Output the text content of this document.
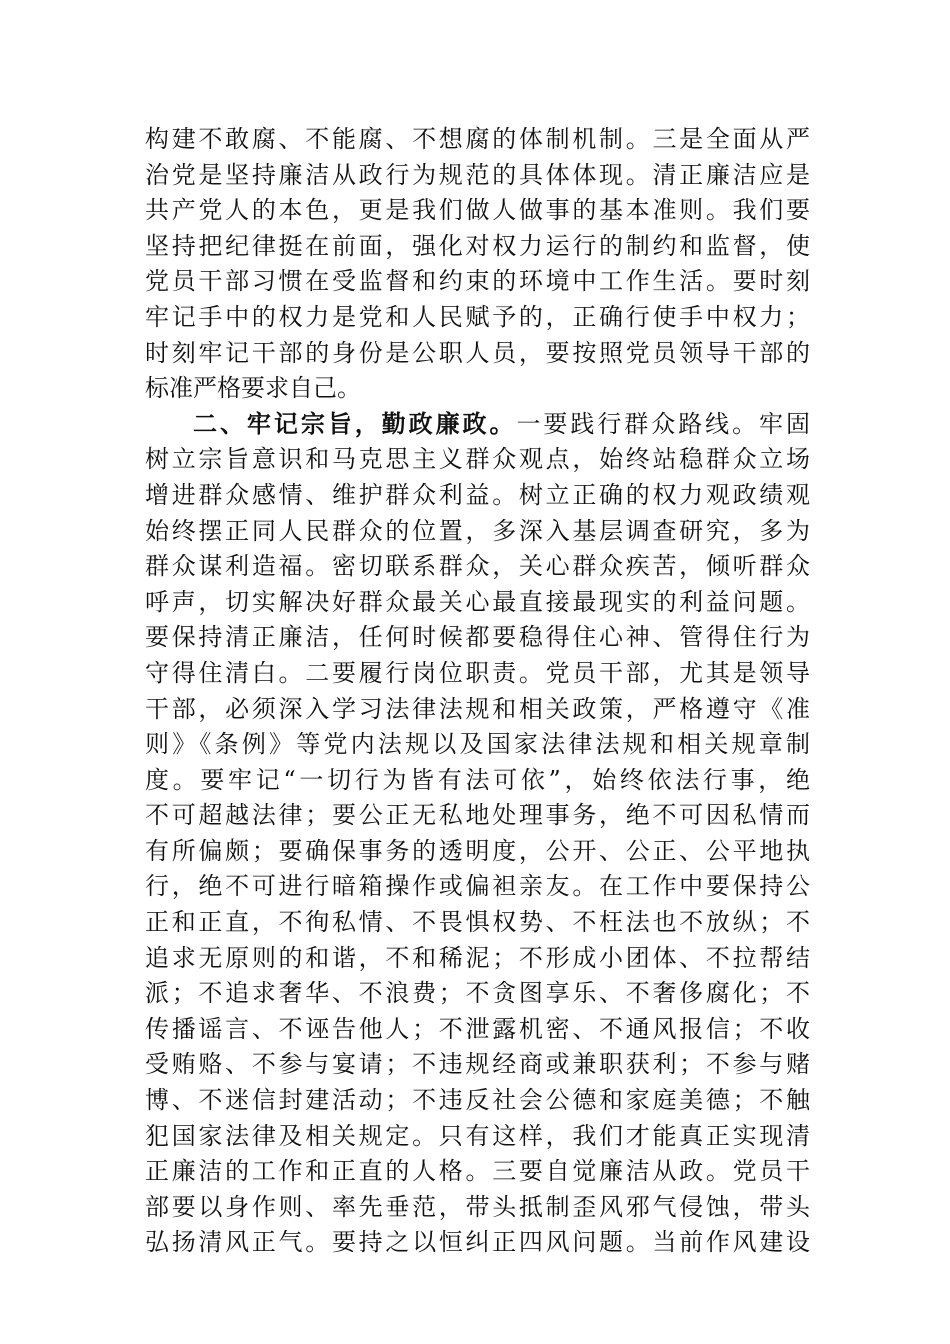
构建不敢腐、不能腐、不想腐的体制机制。三是全面从严
治党是坚持廉洁从政行为规范的具体体现。清正廉洁应是
共产党人的本色，更是我们做人做事的基本准则。我们要
坚持把纪律挺在前面，强化对权力运行的制约和监督，使
党员干部习惯在受监督和约束的环境中工作生活。要时刻
牢记手中的权力是党和人民赋予的，正确行使手中权力；
时刻牢记干部的身份是公职人员，要按照党员领导干部的
标准严格要求自己。
二、牢记宗旨，勤政廉政。一要践行群众路线。牢固
树立宗旨意识和马克思主义群众观点，始终站稳群众立场
增进群众感情、维护群众利益。树立正确的权力观政绩观
始终摆正同人民群众的位置，多深入基层调查研究，多为
群众谋利造福。密切联系群众，关心群众疾苦，倾听群众
呼声，切实解决好群众最关心最直接最现实的利益问题。
要保持清正廉洁，任何时候都要稳得住心神、管得住行为
守得住清白。二要履行岗位职责。党员干部，尤其是领导
干部，必须深入学习法律法规和相关政策，严格遵守《准
则》《条例》等党内法规以及国家法律法规和相关规章制
度。要牢记“一切行为皆有法可依”，始终依法行事，绝
不可超越法律；要公正无私地处理事务，绝不可因私情而
有所偏颇；要确保事务的透明度，公开、公正、公平地执
行，绝不可进行暗箱操作或偏袒亲友。在工作中要保持公
正和正直，不徇私情、不畏惧权势、不枉法也不放纵；不
追求无原则的和谐，不和稀泥；不形成小团体、不拉帮结
派；不追求奢华、不浪费；不贪图享乐、不奢侈腐化；不
传播谣言、不诬告他人；不泄露机密、不通风报信；不收
受贿赂、不参与宴请；不违规经商或兼职获利；不参与赌
博、不迷信封建活动；不违反社会公德和家庭美德；不触
犯国家法律及相关规定。只有这样，我们才能真正实现清
正廉洁的工作和正直的人格。三要自觉廉洁从政。党员干
部要以身作则、率先垂范，带头抵制歪风邪气侵蚀，带头
弘扬清风正气。要持之以恒纠正四风问题。当前作风建设
